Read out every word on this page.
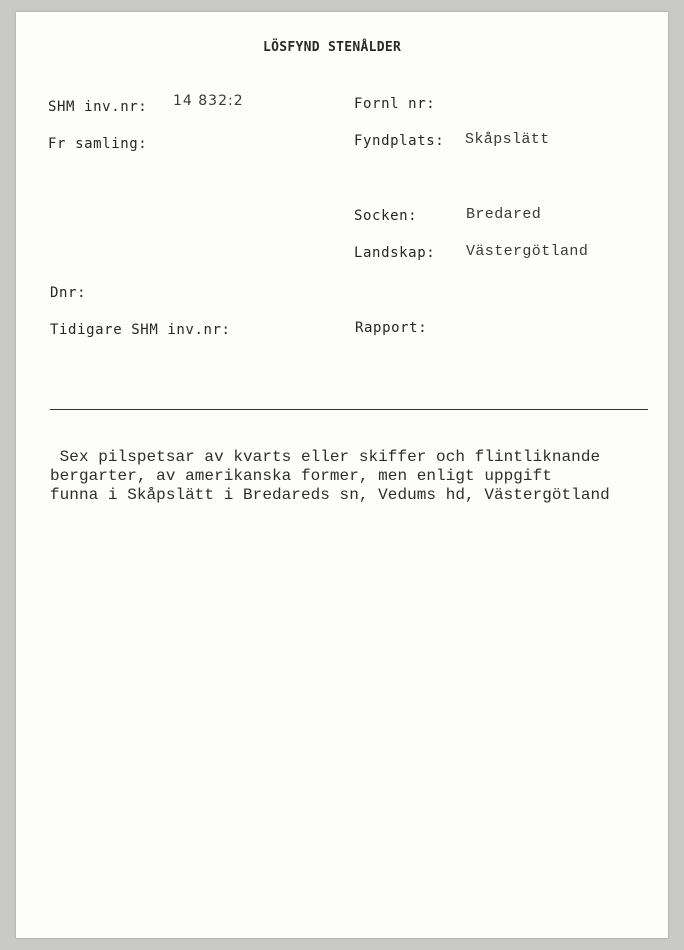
LÖSFYND STENÅLDER
SHM inv.nr: 14 832:2
Fr samling:
Dnr:
Tidigare SHM inv.nr:
Fornl nr:
Fyndplats: Skåpslätt
Socken:	Bredared
Landskap: Västergötland
Rapport:
Sex pilspetsar av kvarts eller skiffer och flintliknande
bergarter, av amerikanska former, men enligt uppgift
funna i Skåpslätt i Bredareds sn, Vedums hd, Västergötland
